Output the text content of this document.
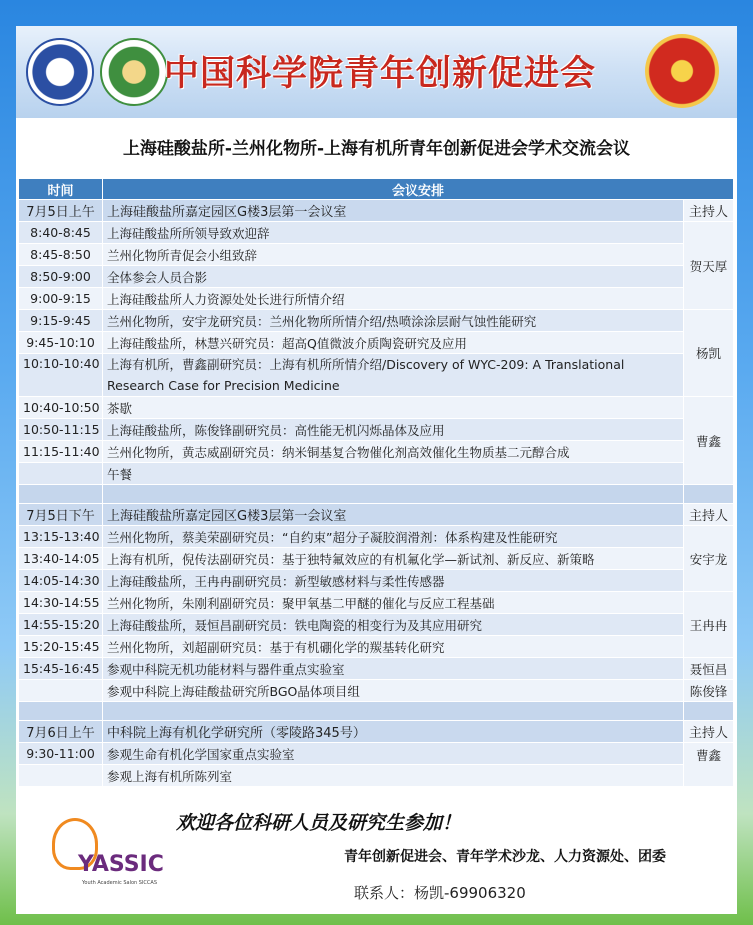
中国科学院青年创新促进会
上海硅酸盐所-兰州化物所-上海有机所青年创新促进会学术交流会议
时间	会议安排	
7月5日上午	上海硅酸盐所嘉定园区G楼3层第一会议室	主持人
8:40-8:45	上海硅酸盐所所领导致欢迎辞	贺天厚
8:45-8:50	兰州化物所青促会小组致辞	
8:50-9:00	全体参会人员合影	
9:00-9:15	上海硅酸盐所人力资源处处长进行所情介绍	
9:15-9:45	兰州化物所，安宇龙研究员：兰州化物所所情介绍/热喷涂涂层耐气蚀性能研究	杨凯
9:45-10:10	上海硅酸盐所，林慧兴研究员：超高Q值微波介质陶瓷研究及应用	
10:10-10:40	上海有机所，曹鑫副研究员：上海有机所所情介绍/Discovery of WYC-209: A Translational Research Case for Precision Medicine	
10:40-10:50	茶歇	曹鑫
10:50-11:15	上海硅酸盐所，陈俊锋副研究员：高性能无机闪烁晶体及应用	
11:15-11:40	兰州化物所，黄志威副研究员：纳米铜基复合物催化剂高效催化生物质基二元醇合成	
	午餐	

7月5日下午	上海硅酸盐所嘉定园区G楼3层第一会议室	主持人
13:15-13:40	兰州化物所，蔡美荣副研究员：“自约束”超分子凝胶润滑剂：体系构建及性能研究	安宇龙
13:40-14:05	上海有机所，倪传法副研究员：基于独特氟效应的有机氟化学—新试剂、新反应、新策略	
14:05-14:30	上海硅酸盐所，王冉冉副研究员：新型敏感材料与柔性传感器	
14:30-14:55	兰州化物所，朱刚利副研究员：聚甲氧基二甲醚的催化与反应工程基础	王冉冉
14:55-15:20	上海硅酸盐所，聂恒昌副研究员：铁电陶瓷的相变行为及其应用研究	
15:20-15:45	兰州化物所，刘超副研究员：基于有机硼化学的羰基转化研究	
15:45-16:45	参观中科院无机功能材料与器件重点实验室	聂恒昌
	参观中科院上海硅酸盐研究所BGO晶体项目组	陈俊锋

7月6日上午	中科院上海有机化学研究所（零陵路345号）	主持人
9:30-11:00	参观生命有机化学国家重点实验室	曹鑫
	参观上海有机所陈列室	
YASSIC
Youth Academic Salon SICCAS
欢迎各位科研人员及研究生参加！
青年创新促进会、青年学术沙龙、人力资源处、团委
联系人：杨凯-69906320
